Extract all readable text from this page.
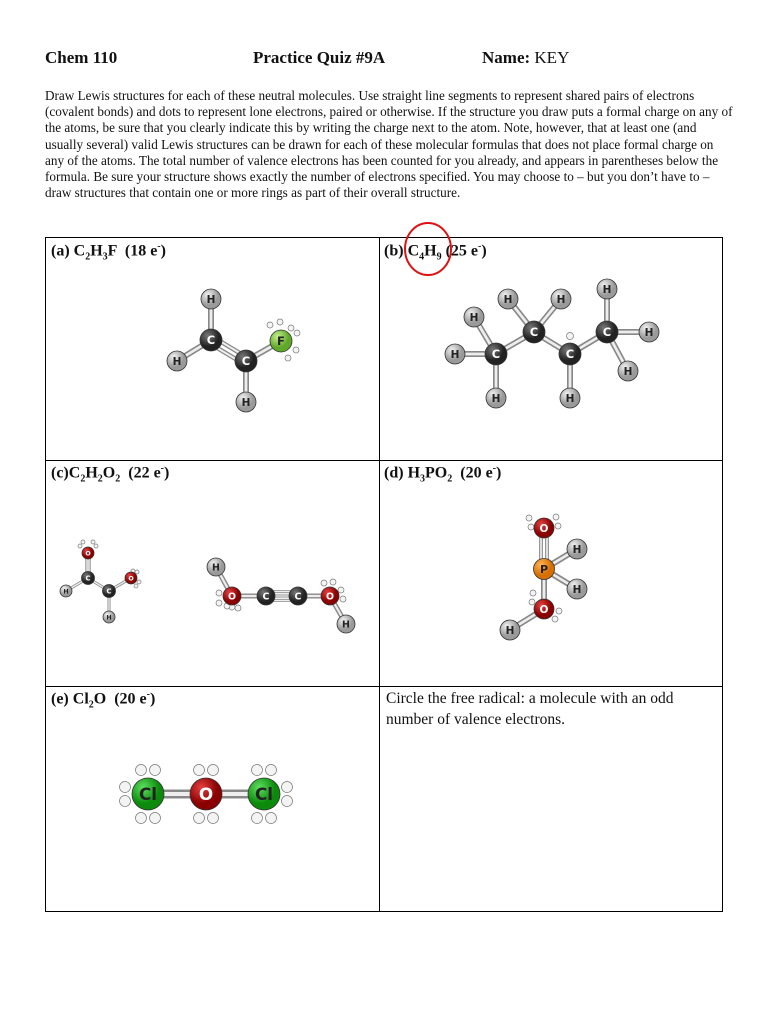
Chem 110	Practice Quiz #9A	Name: KEY
Draw Lewis structures for each of these neutral molecules. Use straight line segments to represent shared pairs of electrons (covalent bonds) and dots to represent lone electrons, paired or otherwise. If the structure you draw puts a formal charge on any of the atoms, be sure that you clearly indicate this by writing the charge next to the atom. Note, however, that at least one (and usually several) valid Lewis structures can be drawn for each of these molecular formulas that does not place formal charge on any of the atoms. The total number of valence electrons has been counted for you already, and appears in parentheses below the formula. Be sure your structure shows exactly the number of electrons specified. You may choose to – but you don’t have to – draw structures that contain one or more rings as part of their overall structure.
(a) $C_2H_3F$ (18 e-)	(b) $C_4H_9$ (25 e-)
$(c)C_2H_2O_2$ (22 e-)	(d) $H_3PO_2$ (20 e-)
(e) $Cl_2O$ (20 e-)	Circle the free radical: a molecule with an odd number of valence electrons.
H
C
H	C
H
F
H
H
H
C
H	H
C
C
H
H
H
H
C
O
C
H	C
O
H
H
O	C	C	O
H
O
H
P
H
O
H
Cl O Cl
